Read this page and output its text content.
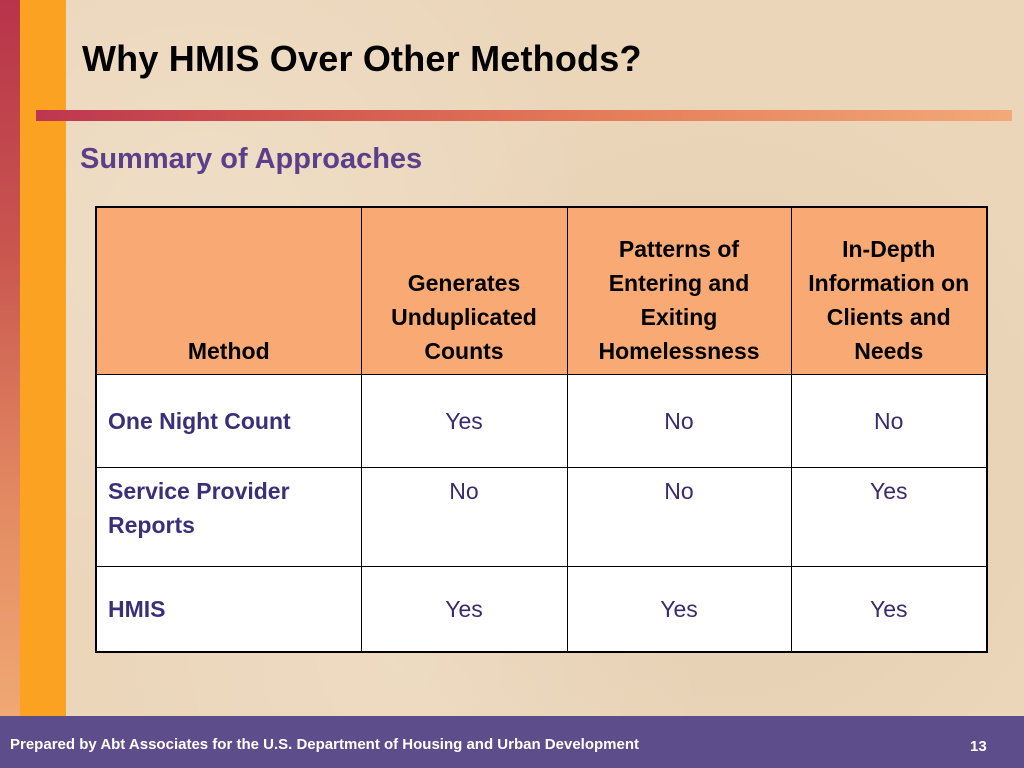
Why HMIS Over Other Methods?
Summary of Approaches
Method	Generates Unduplicated Counts	Patterns of Entering and Exiting Homelessness	In-Depth Information on Clients and Needs
One Night Count	Yes	No	No
Service Provider Reports	No	No	Yes
HMIS	Yes	Yes	Yes
Prepared by Abt Associates for the U.S. Department of Housing and Urban Development	13
